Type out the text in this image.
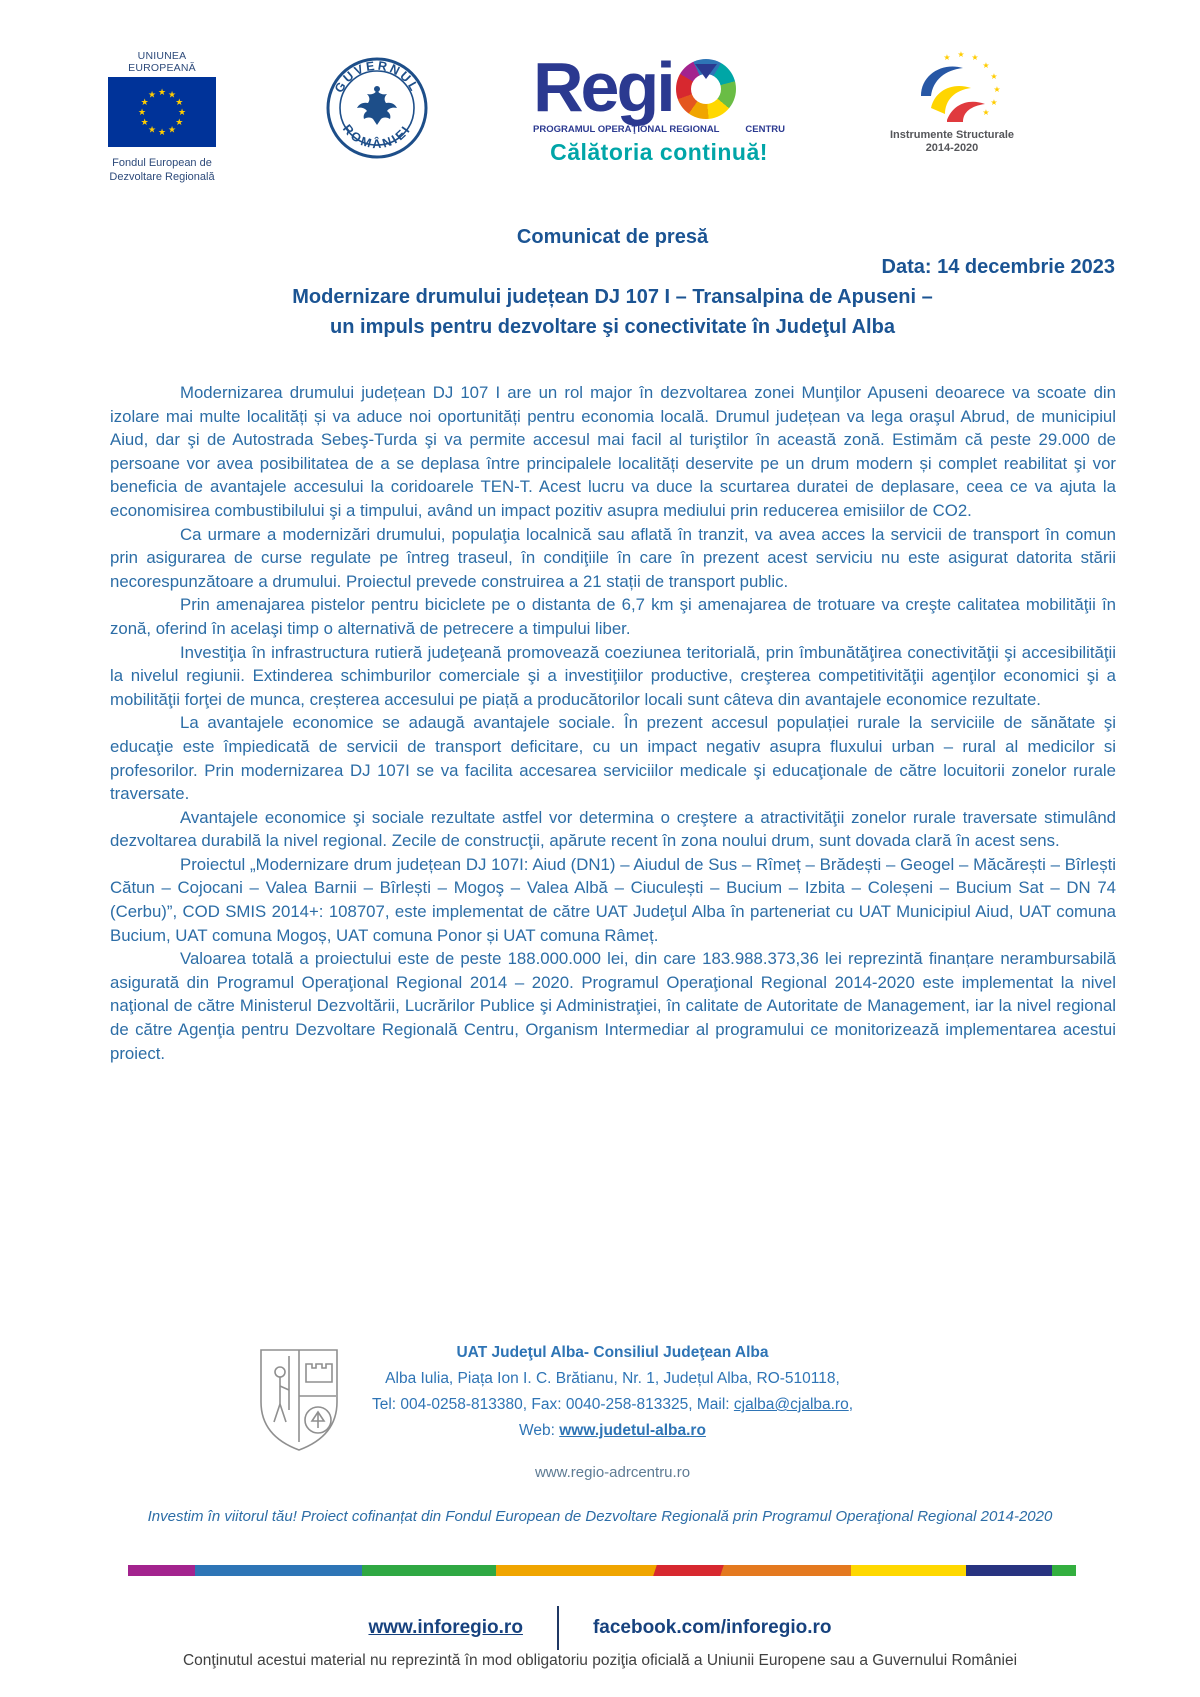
UNIUNEA EUROPEANĂ
★ ★
★
★
★
★
★
★
★
★
★
★
Fondul European de
Dezvoltare Regională
GUVERNUL
ROMÂNIEI
Regi
PROGRAMUL OPERAŢIONAL REGIONAL	CENTRU
Călătoria continuă!
★ ★ ★
★
★
★
★
★
Instrumente Structurale
2014-2020
Comunicat de presă
Data: 14 decembrie 2023
Modernizare drumului județean DJ 107 I – Transalpina de Apuseni –
un impuls pentru dezvoltare şi conectivitate în Judeţul Alba

Modernizarea drumului județean DJ 107 I are un rol major în dezvoltarea zonei Munţilor Apuseni deoarece va scoate din izolare mai multe localități și va aduce noi oportunități pentru economia locală. Drumul județean va lega oraşul Abrud, de municipiul Aiud, dar şi de Autostrada Sebeş-Turda şi va permite accesul mai facil al turiştilor în această zonă. Estimăm că peste 29.000 de persoane vor avea posibilitatea de a se deplasa între principalele localități deservite pe un drum modern și complet reabilitat şi vor beneficia de avantajele accesului la coridoarele TEN-T. Acest lucru va duce la scurtarea duratei de deplasare, ceea ce va ajuta la economisirea combustibilului şi a timpului, având un impact pozitiv asupra mediului prin reducerea emisiilor de CO2.

Ca urmare a modernizări drumului, populaţia localnică sau aflată în tranzit, va avea acces la servicii de transport în comun prin asigurarea de curse regulate pe întreg traseul, în condiţiile în care în prezent acest serviciu nu este asigurat datorita stării necorespunzătoare a drumului. Proiectul prevede construirea a 21 stații de transport public.

Prin amenajarea pistelor pentru biciclete pe o distanta de 6,7 km şi amenajarea de trotuare va creşte calitatea mobilităţii în zonă, oferind în acelaşi timp o alternativă de petrecere a timpului liber.

Investiţia în infrastructura rutieră judeţeană promovează coeziunea teritorială, prin îmbunătăţirea conectivităţii şi accesibilităţii la nivelul regiunii. Extinderea schimburilor comerciale şi a investiţiilor productive, creşterea competitivităţii agenţilor economici şi a mobilităţii forţei de munca, creșterea accesului pe piață a producătorilor locali sunt câteva din avantajele economice rezultate.

La avantajele economice se adaugă avantajele sociale. În prezent accesul populației rurale la serviciile de sănătate şi educaţie este împiedicată de servicii de transport deficitare, cu un impact negativ asupra fluxului urban – rural al medicilor si profesorilor. Prin modernizarea DJ 107I se va facilita accesarea serviciilor medicale şi educaţionale de către locuitorii zonelor rurale traversate.

Avantajele economice şi sociale rezultate astfel vor determina o creştere a atractivităţii zonelor rurale traversate stimulând dezvoltarea durabilă la nivel regional. Zecile de construcţii, apărute recent în zona noului drum, sunt dovada clară în acest sens.

Proiectul „Modernizare drum județean DJ 107I: Aiud (DN1) – Aiudul de Sus – Rîmeț – Brădești – Geogel – Măcărești – Bîrlești Cătun – Cojocani – Valea Barnii – Bîrlești – Mogoş – Valea Albă – Ciuculești – Bucium – Izbita – Coleșeni – Bucium Sat – DN 74 (Cerbu)”, COD SMIS 2014+: 108707, este implementat de către UAT Judeţul Alba în parteneriat cu UAT Municipiul Aiud, UAT comuna Bucium, UAT comuna Mogoș, UAT comuna Ponor și UAT comuna Râmeț.

Valoarea totală a proiectului este de peste 188.000.000 lei, din care 183.988.373,36 lei reprezintă finanțare nerambursabilă asigurată din Programul Operaţional Regional 2014 – 2020. Programul Operaţional Regional 2014-2020 este implementat la nivel naţional de către Ministerul Dezvoltării, Lucrărilor Publice şi Administraţiei, în calitate de Autoritate de Management, iar la nivel regional de către Agenţia pentru Dezvoltare Regională Centru, Organism Intermediar al programului ce monitorizează implementarea acestui proiect.

UAT Judeţul Alba- Consiliul Judeţean Alba
Alba Iulia, Piața Ion I. C. Brătianu, Nr. 1, Județul Alba, RO-510118,
Tel: 004-0258-813380, Fax: 0040-258-813325, Mail: cjalba@cjalba.ro,
Web: www.judetul-alba.ro
www.regio-adrcentru.ro
Investim în viitorul tău! Proiect cofinanțat din Fondul European de Dezvoltare Regională prin Programul Operaţional Regional 2014-2020
www.inforegio.ro	facebook.com/inforegio.ro
Conţinutul acestui material nu reprezintă în mod obligatoriu poziţia oficială a Uniunii Europene sau a Guvernului României
